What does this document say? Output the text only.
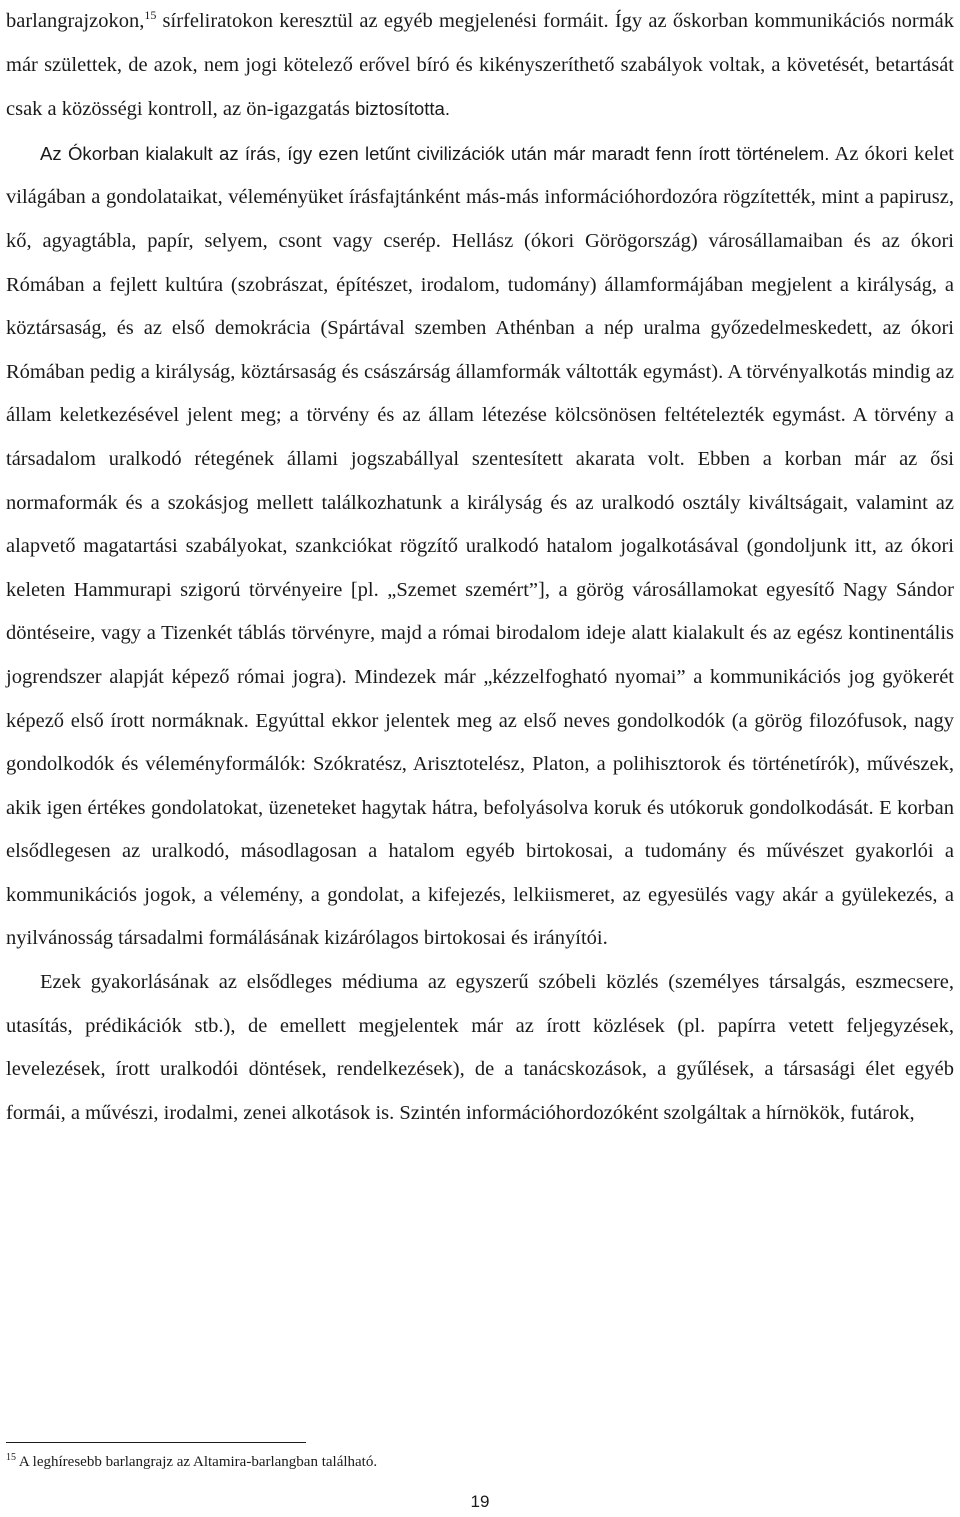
barlangrajzokon,$^{15}$ sírfeliratokon keresztül az egyéb megjelenési formáit. Így az őskorban kommunikációs normák már születtek, de azok, nem jogi kötelező erővel bíró és kikényszeríthető szabályok voltak, a követését, betartását csak a közösségi kontroll, az ön-igazgatás biztosította.

Az Ókorban kialakult az írás, így ezen letűnt civilizációk után már maradt fenn írott történelem. Az ókori kelet világában a gondolataikat, véleményüket írásfajtánként más-más információhordozóra rögzítették, mint a papirusz, kő, agyagtábla, papír, selyem, csont vagy cserép. Hellász (ókori Görögország) városállamaiban és az ókori Rómában a fejlett kultúra (szobrászat, építészet, irodalom, tudomány) államformájában megjelent a királyság, a köztársaság, és az első demokrácia (Spártával szemben Athénban a nép uralma győzedelmeskedett, az ókori Rómában pedig a királyság, köztársaság és császárság államformák váltották egymást). A törvényalkotás mindig az állam keletkezésével jelent meg; a törvény és az állam létezése kölcsönösen feltételezték egymást. A törvény a társadalom uralkodó rétegének állami jogszabállyal szentesített akarata volt. Ebben a korban már az ősi normaformák és a szokásjog mellett találkozhatunk a királyság és az uralkodó osztály kiváltságait, valamint az alapvető magatartási szabályokat, szankciókat rögzítő uralkodó hatalom jogalkotásával (gondoljunk itt, az ókori keleten Hammurapi szigorú törvényeire [pl. „Szemet szemért”], a görög városállamokat egyesítő Nagy Sándor döntéseire, vagy a Tizenkét táblás törvényre, majd a római birodalom ideje alatt kialakult és az egész kontinentális jogrendszer alapját képező római jogra). Mindezek már „kézzelfogható nyomai” a kommunikációs jog gyökerét képező első írott normáknak. Egyúttal ekkor jelentek meg az első neves gondolkodók (a görög filozófusok, nagy gondolkodók és véleményformálók: Szókratész, Arisztotelész, Platon, a polihisztorok és történetírók), művészek, akik igen értékes gondolatokat, üzeneteket hagytak hátra, befolyásolva koruk és utókoruk gondolkodását. E korban elsődlegesen az uralkodó, másodlagosan a hatalom egyéb birtokosai, a tudomány és művészet gyakorlói a kommunikációs jogok, a vélemény, a gondolat, a kifejezés, lelkiismeret, az egyesülés vagy akár a gyülekezés, a nyilvánosság társadalmi formálásának kizárólagos birtokosai és irányítói.

Ezek gyakorlásának az elsődleges médiuma az egyszerű szóbeli közlés (személyes társalgás, eszmecsere, utasítás, prédikációk stb.), de emellett megjelentek már az írott közlések (pl. papírra vetett feljegyzések, levelezések, írott uralkodói döntések, rendelkezések), de a tanácskozások, a gyűlések, a társasági élet egyéb formái, a művészi, irodalmi, zenei alkotások is. Szintén információhordozóként szolgáltak a hírnökök, futárok,

$^{15}$ A leghíresebb barlangrajz az Altamira-barlangban található.
19
